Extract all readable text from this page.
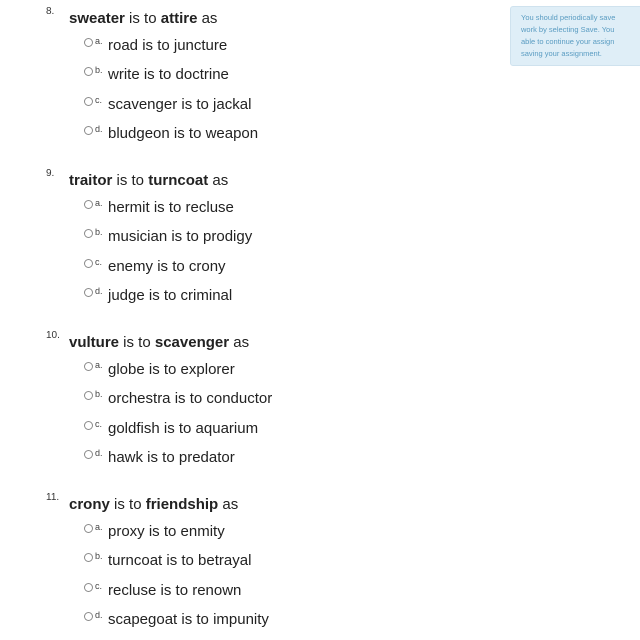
You should periodically save
work by selecting Save. You
able to continue your assign
saving your assignment.
8. sweater is to attire as
a. road is to juncture
b. write is to doctrine
c. scavenger is to jackal
d. bludgeon is to weapon
9. traitor is to turncoat as
a. hermit is to recluse
b. musician is to prodigy
c. enemy is to crony
d. judge is to criminal
10. vulture is to scavenger as
a. globe is to explorer
b. orchestra is to conductor
c. goldfish is to aquarium
d. hawk is to predator
11. crony is to friendship as
a. proxy is to enmity
b. turncoat is to betrayal
c. recluse is to renown
d. scapegoat is to impunity
